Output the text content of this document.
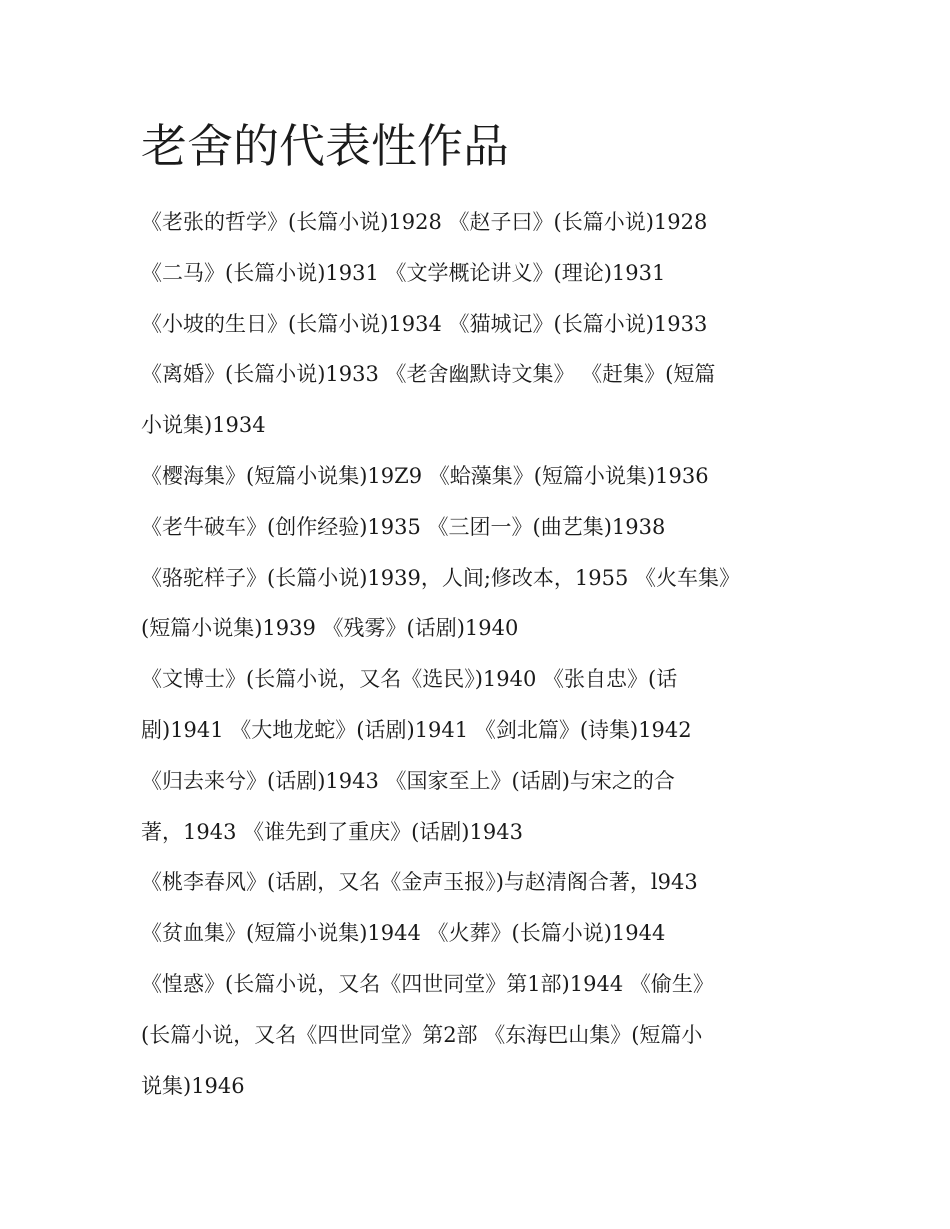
老舍的代表性作品
《老张的哲学》(长篇小说)1928 《赵子曰》(长篇小说)1928
《二马》(长篇小说)1931 《文学概论讲义》(理论)1931
《小坡的生日》(长篇小说)1934 《猫城记》(长篇小说)1933
《离婚》(长篇小说)1933 《老舍幽默诗文集》 《赶集》(短篇
小说集)1934
《樱海集》(短篇小说集)19Z9 《蛤藻集》(短篇小说集)1936
《老牛破车》(创作经验)1935 《三团一》(曲艺集)1938
《骆驼样子》(长篇小说)1939，人间;修改本，1955 《火车集》
(短篇小说集)1939 《残雾》(话剧)1940
《文博士》(长篇小说，又名《选民》)1940 《张自忠》(话
剧)1941 《大地龙蛇》(话剧)1941 《剑北篇》(诗集)1942
《归去来兮》(话剧)1943 《国家至上》(话剧)与宋之的合
著，1943 《谁先到了重庆》(话剧)1943
《桃李春风》(话剧，又名《金声玉报》)与赵清阁合著，l943
《贫血集》(短篇小说集)1944 《火葬》(长篇小说)1944
《惶惑》(长篇小说，又名《四世同堂》第1部)1944 《偷生》
(长篇小说，又名《四世同堂》第2部 《东海巴山集》(短篇小
说集)1946
